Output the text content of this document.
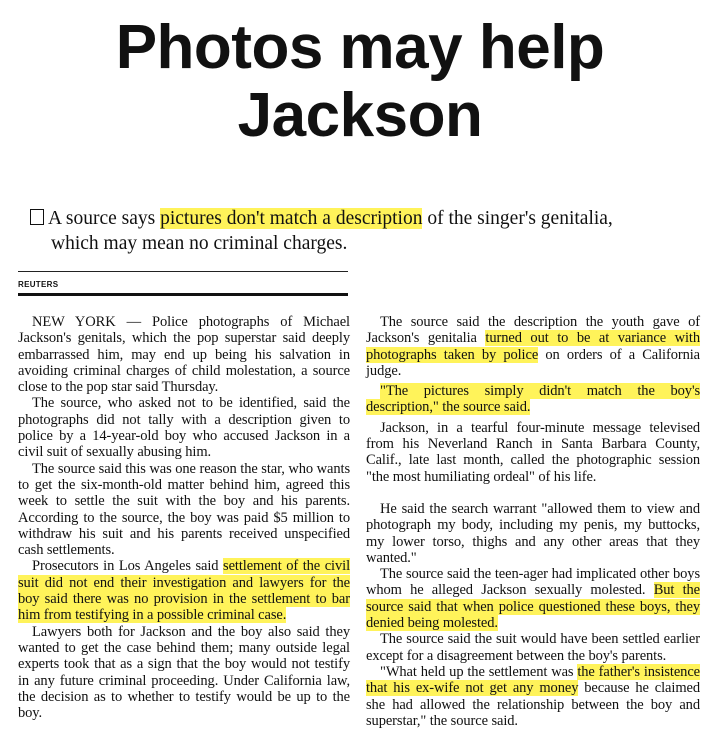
Photos may help
Jackson
A source says pictures don't match a description of the singer's genitalia,
which may mean no criminal charges.
REUTERS

NEW YORK — Police photographs of Michael Jackson's genitals, which the pop superstar said deeply embarrassed him, may end up being his salvation in avoiding criminal charges of child molestation, a source close to the pop star said Thursday.

The source, who asked not to be identified, said the photographs did not tally with a description given to police by a 14-year-old boy who accused Jackson in a civil suit of sexually abusing him.

The source said this was one reason the star, who wants to get the six-month-old matter behind him, agreed this week to settle the suit with the boy and his parents. According to the source, the boy was paid $5 million to withdraw his suit and his parents received unspecified cash settlements.

Prosecutors in Los Angeles said settlement of the civil suit did not end their investigation and lawyers for the boy said there was no provision in the settlement to bar him from testifying in a possible criminal case.

Lawyers both for Jackson and the boy also said they wanted to get the case behind them; many outside legal experts took that as a sign that the boy would not testify in any future criminal proceeding. Under California law, the decision as to whether to testify would be up to the boy.

The source said the description the youth gave of Jackson's genitalia turned out to be at variance with photographs taken by police on orders of a California judge.

"The pictures simply didn't match the boy's description," the source said.

Jackson, in a tearful four-minute message televised from his Neverland Ranch in Santa Barbara County, Calif., late last month, called the photographic session "the most humiliating ordeal" of his life.

He said the search warrant "allowed them to view and photograph my body, including my penis, my buttocks, my lower torso, thighs and any other areas that they wanted."

The source said the teen-ager had implicated other boys whom he alleged Jackson sexually molested. But the source said that when police questioned these boys, they denied being molested.

The source said the suit would have been settled earlier except for a disagreement between the boy's parents.

"What held up the settlement was the father's insistence that his ex-wife not get any money because he claimed she had allowed the relationship between the boy and superstar," the source said.
